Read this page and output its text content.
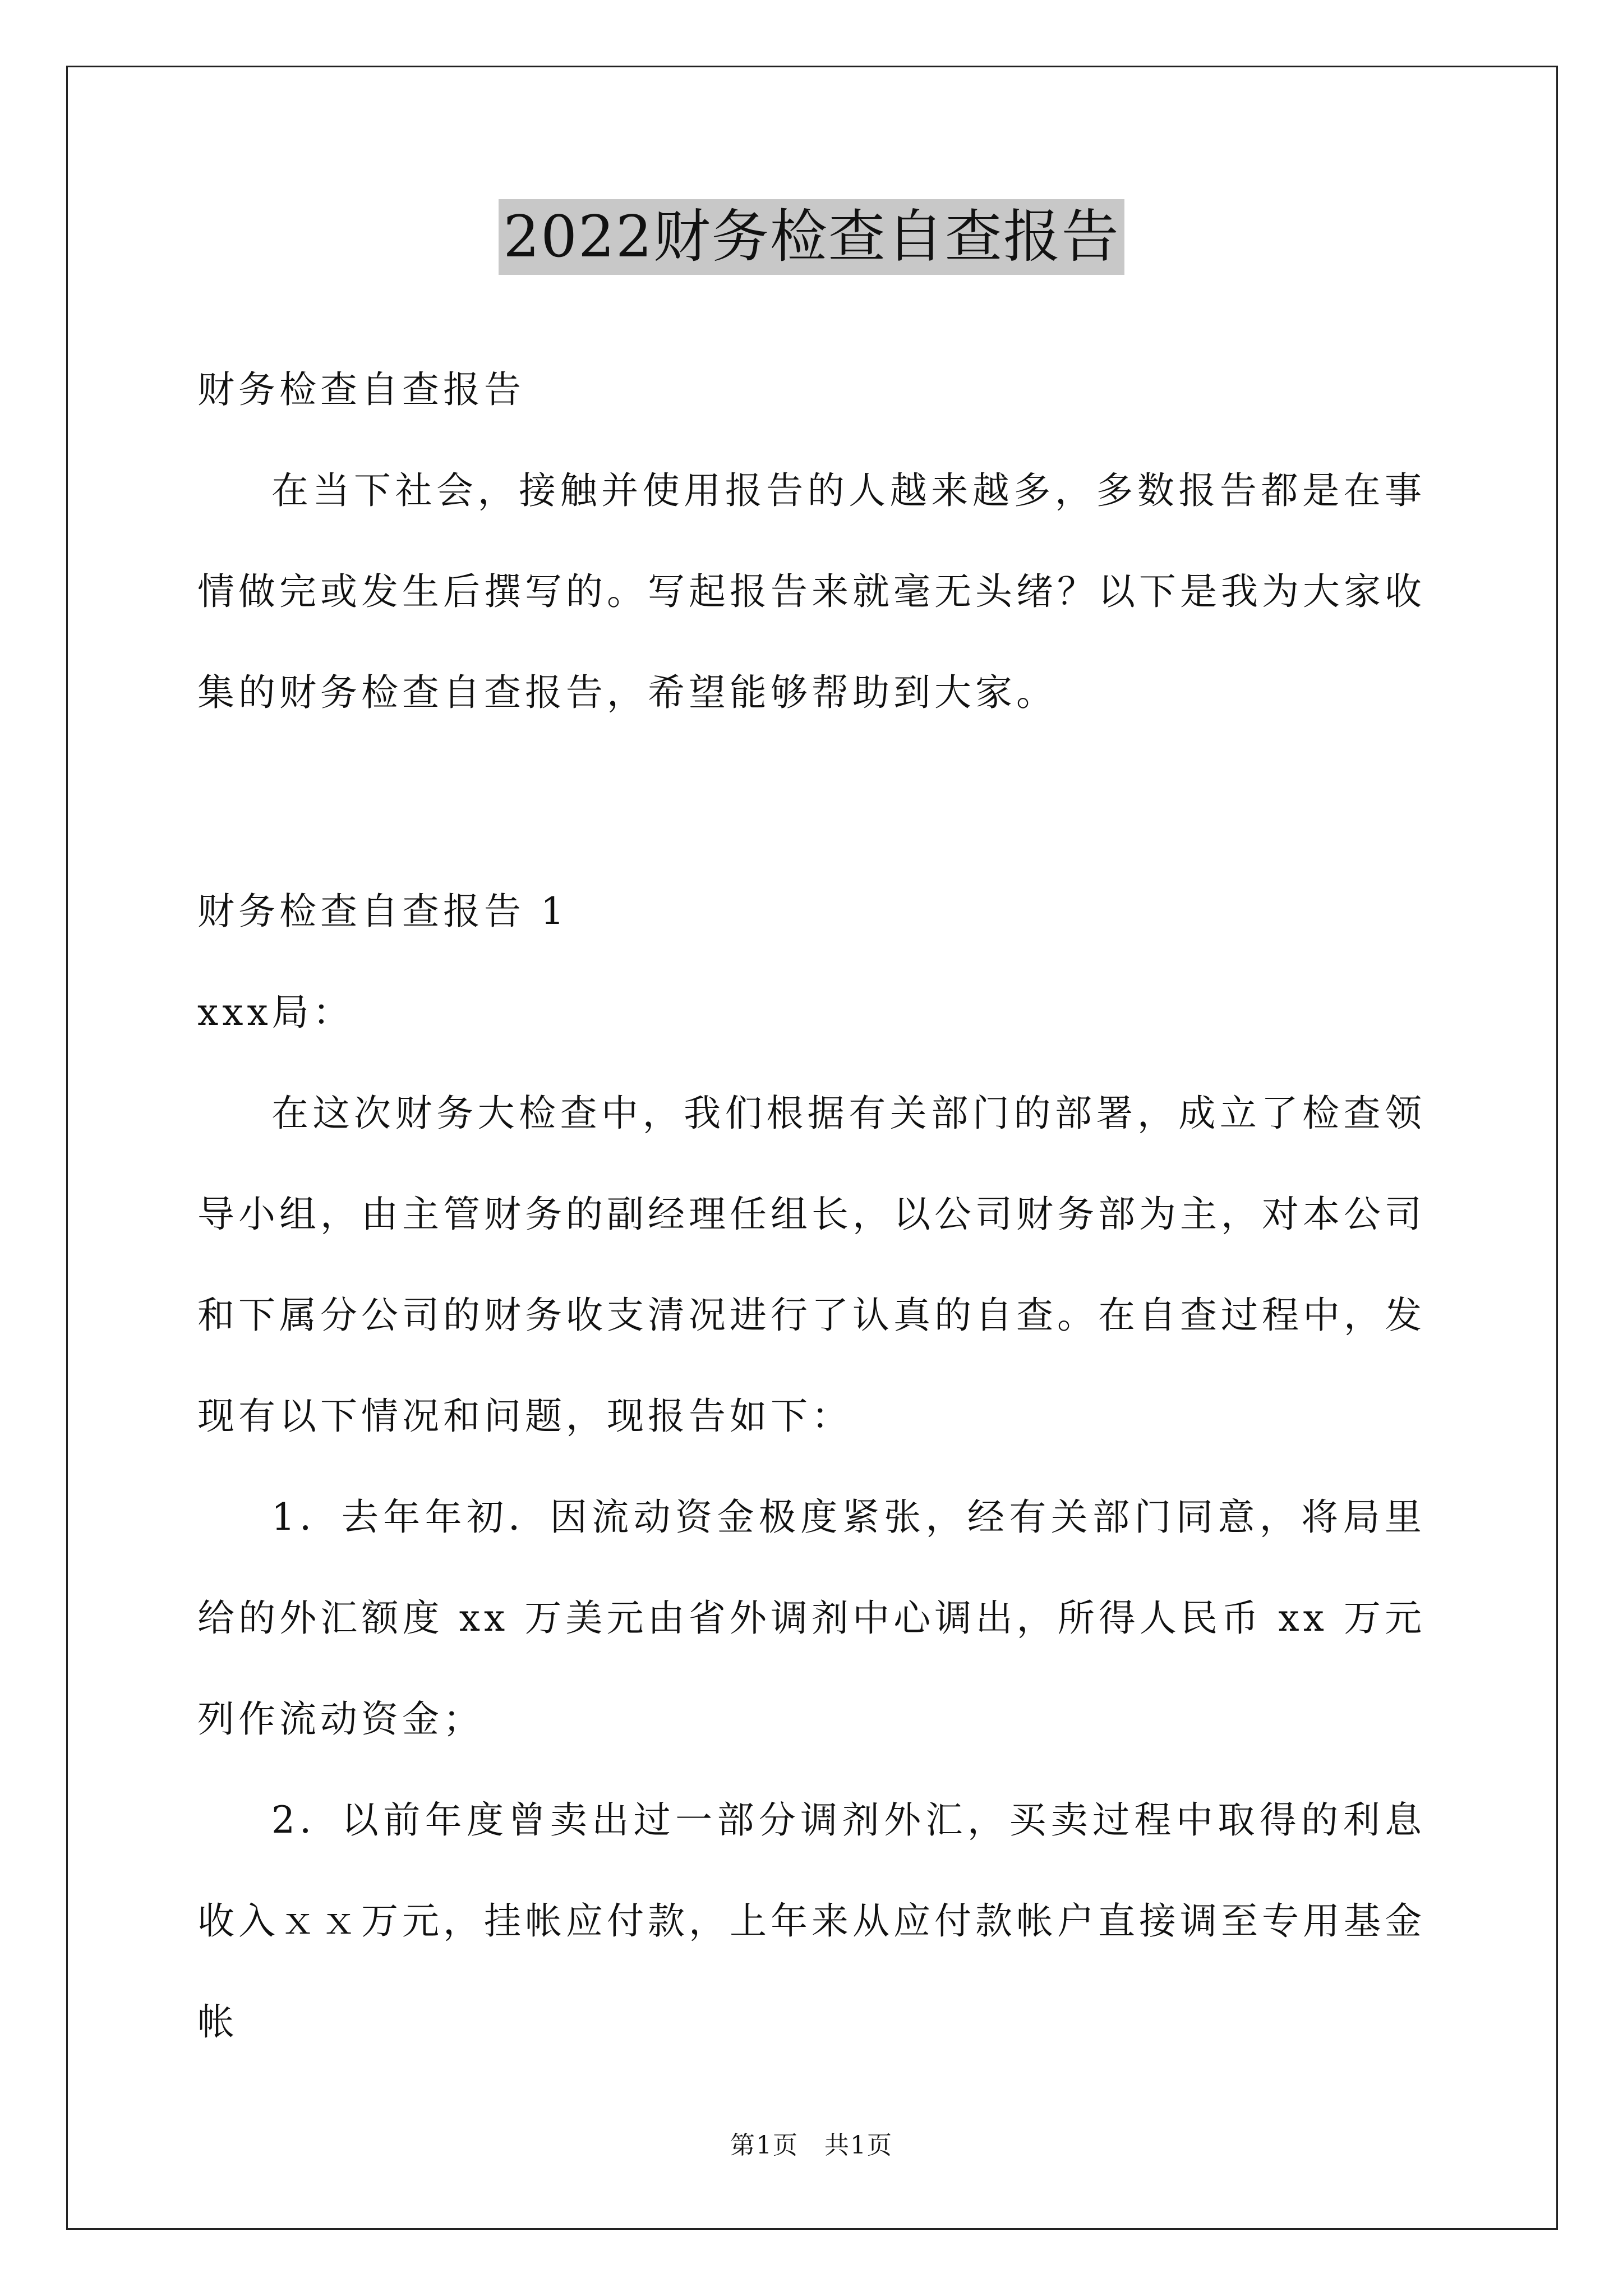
2022财务检查自查报告

财务检查自查报告

在当下社会，接触并使用报告的人越来越多，多数报告都是在事情做完或发生后撰写的。写起报告来就毫无头绪？以下是我为大家收集的财务检查自查报告，希望能够帮助到大家。

财务检查自查报告 1

xxx局：

在这次财务大检查中，我们根据有关部门的部署，成立了检查领导小组，由主管财务的副经理任组长，以公司财务部为主，对本公司和下属分公司的财务收支清况进行了认真的自查。在自查过程中，发现有以下情况和问题，现报告如下：

1．去年年初．因流动资金极度紧张，经有关部门同意，将局里给的外汇额度 xx 万美元由省外调剂中心调出，所得人民币 xx 万元列作流动资金；

2．以前年度曾卖出过一部分调剂外汇，买卖过程中取得的利息收入ｘｘ万元，挂帐应付款，上年来从应付款帐户直接调至专用基金帐

第1页　共1页
